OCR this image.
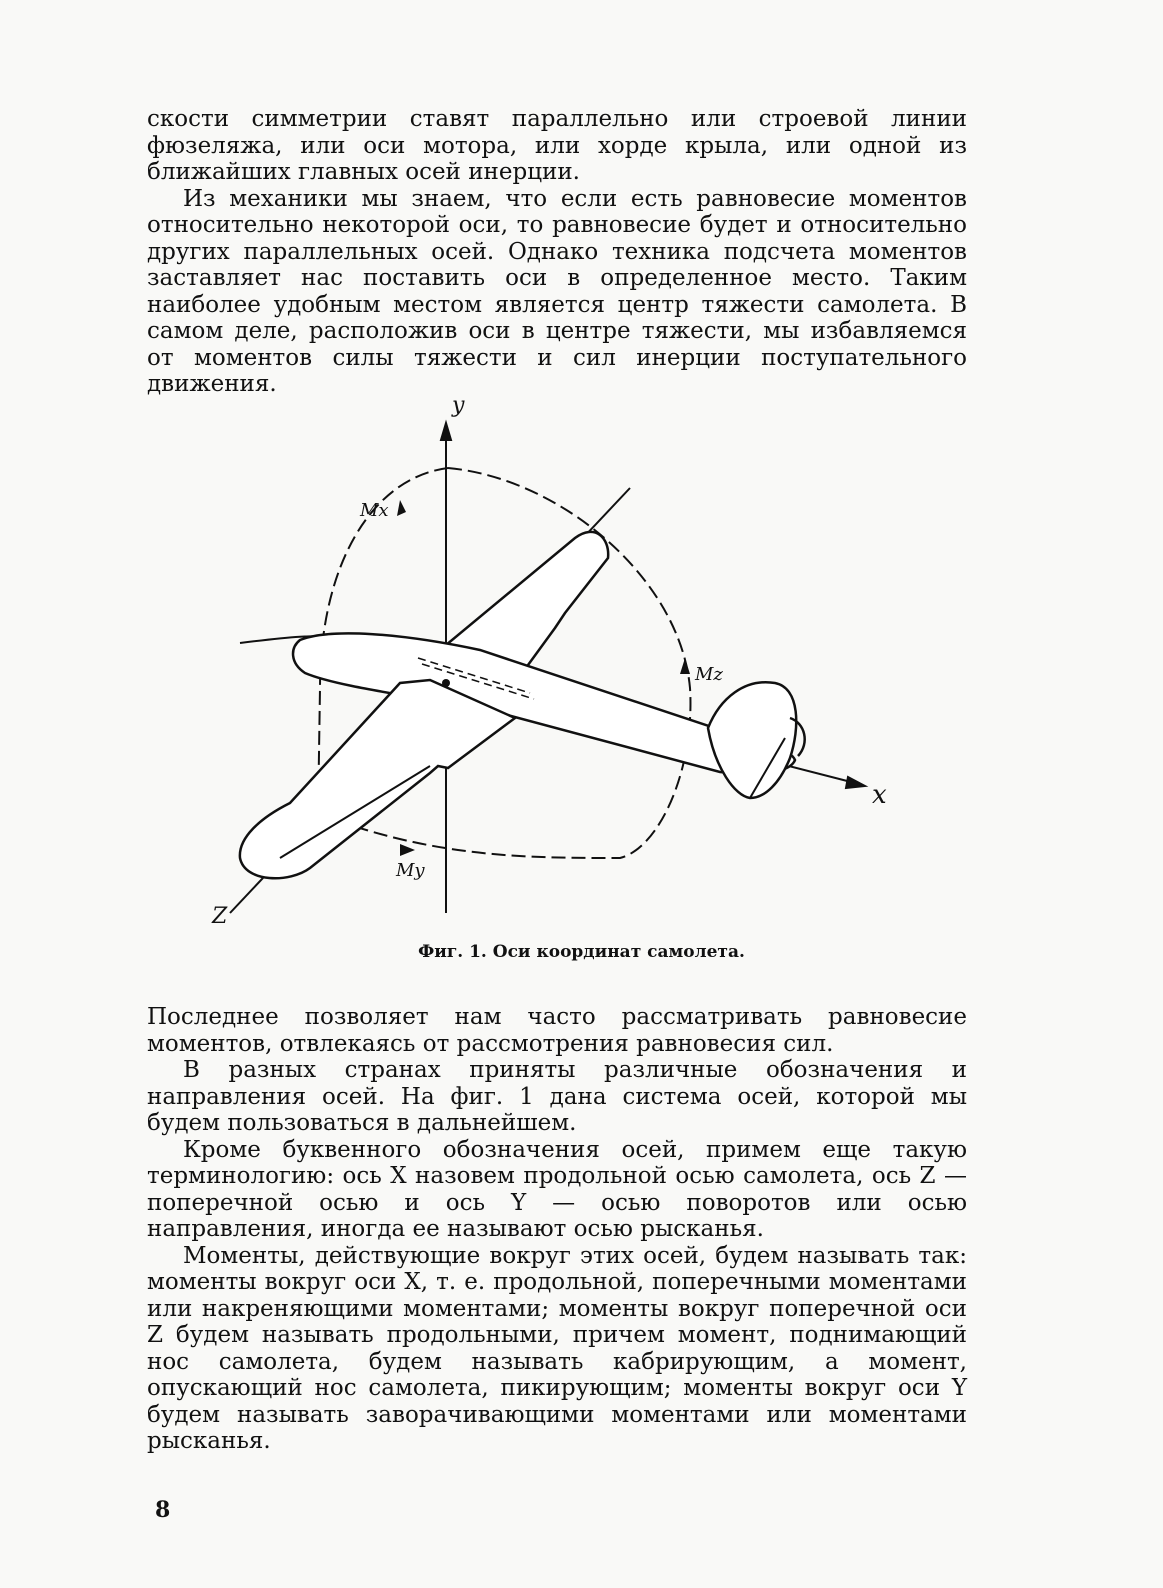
скости симметрии ставят параллельно или строевой линии фюзеляжа, или оси мотора, или хорде крыла, или одной из ближайших главных осей инерции.

Из механики мы знаем, что если есть равновесие моментов относительно некоторой оси, то равновесие будет и относительно других параллельных осей. Однако техника подсчета моментов заставляет нас поставить оси в определенное место. Таким наиболее удобным местом является центр тяжести самолета. В самом деле, расположив оси в центре тяжести, мы избавляемся от моментов силы тяжести и сил инерции поступательного движения.

y
x
Z
Mx
Mz
My
Фиг. 1. Оси координат самолета.

Последнее позволяет нам часто рассматривать равновесие моментов, отвлекаясь от рассмотрения равновесия сил.

В разных странах приняты различные обозначения и направления осей. На фиг. 1 дана система осей, которой мы будем пользоваться в дальнейшем.

Кроме буквенного обозначения осей, примем еще такую терминологию: ось X назовем продольной осью самолета, ось Z — поперечной осью и ось Y — осью поворотов или осью направления, иногда ее называют осью рысканья.

Моменты, действующие вокруг этих осей, будем называть так: моменты вокруг оси X, т. е. продольной, поперечными моментами или накреняющими моментами; моменты вокруг поперечной оси Z будем называть продольными, причем момент, поднимающий нос самолета, будем называть кабрирующим, а момент, опускающий нос самолета, пикирующим; моменты вокруг оси Y будем называть заворачивающими моментами или моментами рысканья.

8
